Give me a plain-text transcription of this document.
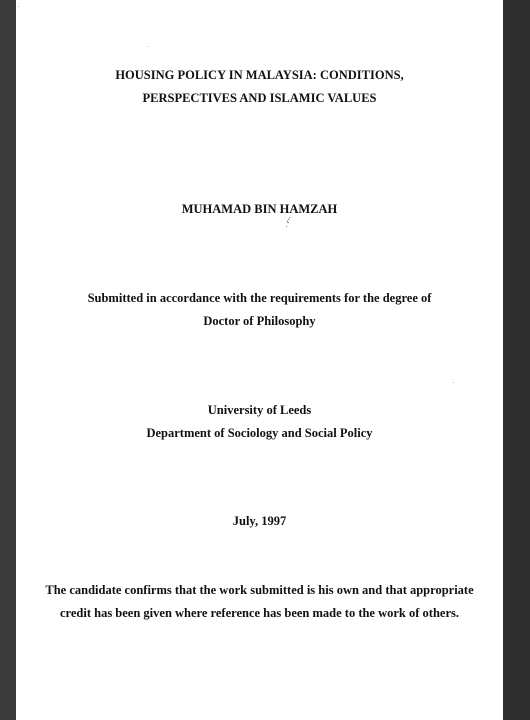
HOUSING POLICY IN MALAYSIA: CONDITIONS,
PERSPECTIVES AND ISLAMIC VALUES
MUHAMAD BIN HAMZAH
Submitted in accordance with the requirements for the degree of
Doctor of Philosophy
University of Leeds
Department of Sociology and Social Policy
July, 1997
The candidate confirms that the work submitted is his own and that appropriate
credit has been given where reference has been made to the work of others.
